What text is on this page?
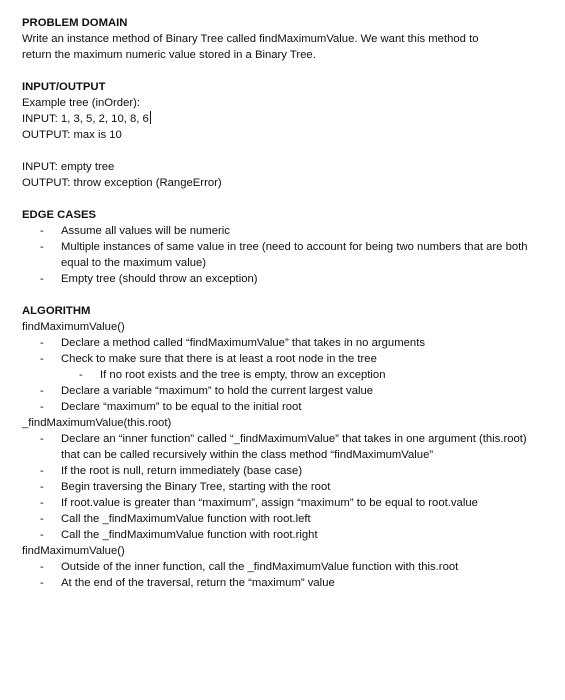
PROBLEM DOMAIN
Write an instance method of Binary Tree called findMaximumValue. We want this method to
return the maximum numeric value stored in a Binary Tree.
INPUT/OUTPUT
Example tree (inOrder):
INPUT: 1, 3, 5, 2, 10, 8, 6
OUTPUT: max is 10
INPUT: empty tree
OUTPUT: throw exception (RangeError)
EDGE CASES
- Assume all values will be numeric
- Multiple instances of same value in tree (need to account for being two numbers that are both equal to the maximum value)
- Empty tree (should throw an exception)
ALGORITHM
findMaximumValue()
- Declare a method called “findMaximumValue” that takes in no arguments
- Check to make sure that there is at least a root node in the tree
- If no root exists and the tree is empty, throw an exception
- Declare a variable “maximum” to hold the current largest value
- Declare “maximum” to be equal to the initial root
_findMaximumValue(this.root)
- Declare an “inner function” called “_findMaximumValue” that takes in one argument (this.root) that can be called recursively within the class method “findMaximumValue”
- If the root is null, return immediately (base case)
- Begin traversing the Binary Tree, starting with the root
- If root.value is greater than “maximum”, assign “maximum” to be equal to root.value
- Call the _findMaximumValue function with root.left
- Call the _findMaximumValue function with root.right
findMaximumValue()
- Outside of the inner function, call the _findMaximumValue function with this.root
- At the end of the traversal, return the “maximum” value
